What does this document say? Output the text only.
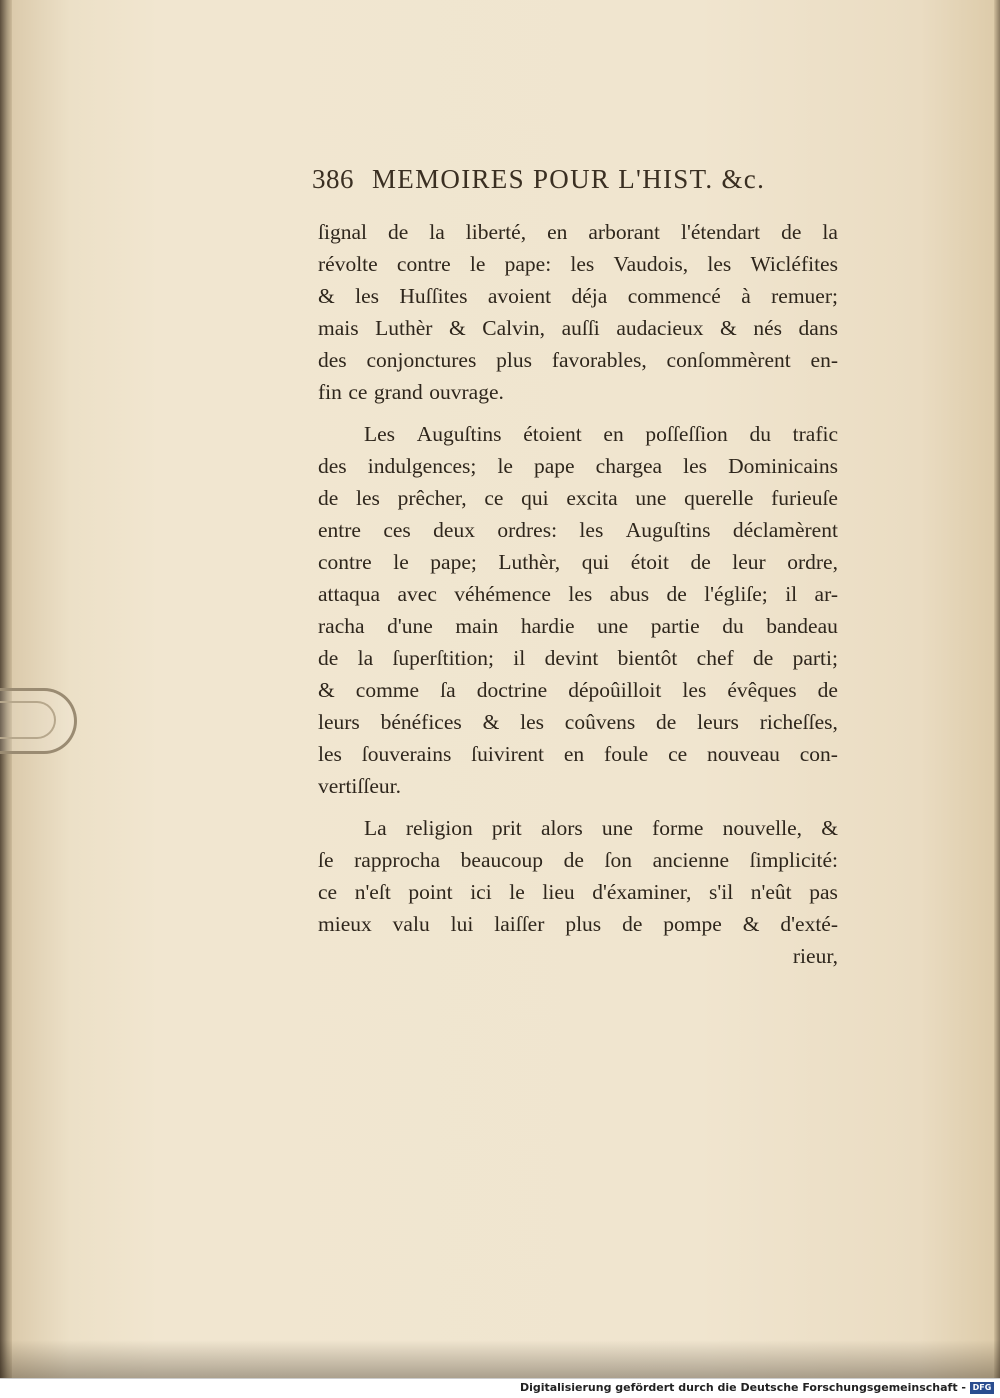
386 MEMOIRES POUR L'HIST. &c.
ſignal de la liberté, en arborant l'étendart de la
révolte contre le pape: les Vaudois, les Wicléfites
& les Huſſites avoient déja commencé à remuer;
mais Luthèr & Calvin, auſſi audacieux & nés dans
des conjonctures plus favorables, conſommèrent en-
fin ce grand ouvrage.
Les Auguſtins étoient en poſſeſſion du trafic
des indulgences; le pape chargea les Dominicains
de les prêcher, ce qui excita une querelle furieuſe
entre ces deux ordres: les Auguſtins déclamèrent
contre le pape; Luthèr, qui étoit de leur ordre,
attaqua avec véhémence les abus de l'égliſe; il ar-
racha d'une main hardie une partie du bandeau
de la ſuperſtition; il devint bientôt chef de parti;
& comme ſa doctrine dépoûilloit les évêques de
leurs bénéfices & les coûvens de leurs richeſſes,
les ſouverains ſuivirent en foule ce nouveau con-
vertiſſeur.
La religion prit alors une forme nouvelle, &
ſe rapprocha beaucoup de ſon ancienne ſimplicité:
ce n'eſt point ici le lieu d'éxaminer, s'il n'eût pas
mieux valu lui laiſſer plus de pompe & d'exté-
rieur,
Digitalisierung gefördert durch die Deutsche Forschungsgemeinschaft - DFG
